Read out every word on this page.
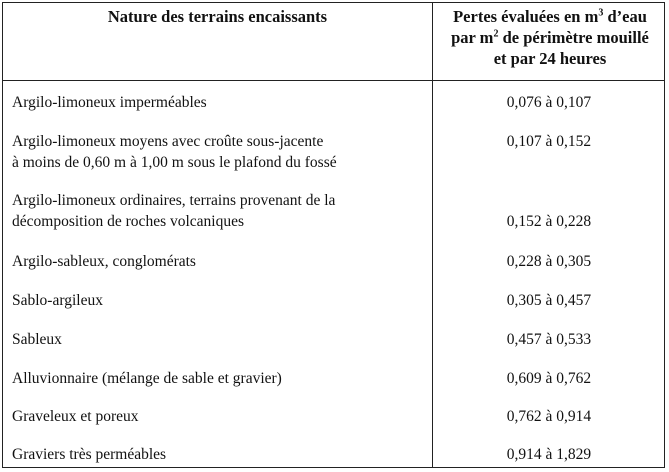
Nature des terrains encaissants	Pertes évaluées en $m^3$ d’eau
par $m^2$ de périmètre mouillé
et par 24 heures
Argilo-limoneux imperméables	0,076 à 0,107
Argilo-limoneux moyens avec croûte sous-jacente
à moins de 0,60 m à 1,00 m sous le plafond du fossé
0,107 à 0,152
Argilo-limoneux ordinaires, terrains provenant de la
décomposition de roches volcaniques	0,152 à 0,228
Argilo-sableux, conglomérats	0,228 à 0,305
Sablo-argileux	0,305 à 0,457
Sableux	0,457 à 0,533
Alluvionnaire (mélange de sable et gravier)	0,609 à 0,762
Graveleux et poreux	0,762 à 0,914
Graviers très perméables	0,914 à 1,829
